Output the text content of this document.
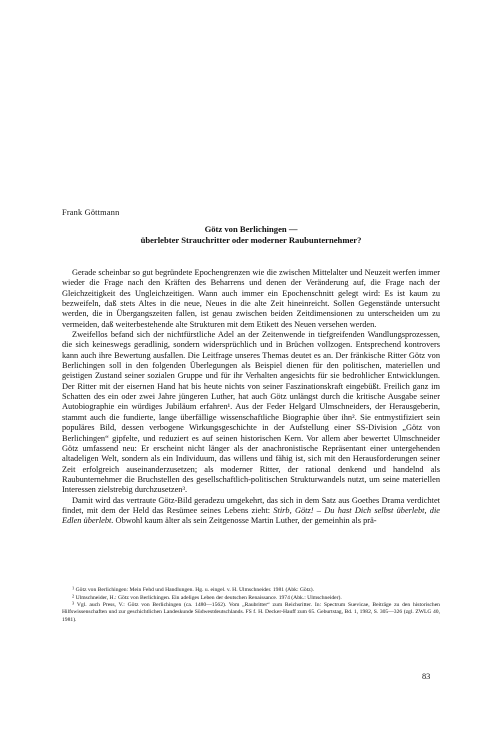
Frank Göttmann
Götz von Berlichingen —
überlebter Strauchritter oder moderner Raubunternehmer?

Gerade scheinbar so gut begründete Epochengrenzen wie die zwischen Mittelalter und Neuzeit werfen immer wieder die Frage nach den Kräften des Beharrens und denen der Veränderung auf, die Frage nach der Gleichzeitigkeit des Ungleichzeitigen. Wann auch immer ein Epochenschnitt gelegt wird: Es ist kaum zu bezweifeln, daß stets Altes in die neue, Neues in die alte Zeit hineinreicht. Sollen Gegenstände untersucht werden, die in Übergangszeiten fallen, ist genau zwischen beiden Zeitdimensionen zu unterscheiden um zu vermeiden, daß weiterbestehende alte Strukturen mit dem Etikett des Neuen versehen werden.

Zweifellos befand sich der nichtfürstliche Adel an der Zeitenwende in tiefgreifenden Wandlungsprozessen, die sich keineswegs geradlinig, sondern widersprüchlich und in Brüchen vollzogen. Entsprechend kontrovers kann auch ihre Bewertung ausfallen. Die Leitfrage unseres Themas deutet es an. Der fränkische Ritter Götz von Berlichingen soll in den folgenden Überlegungen als Beispiel dienen für den politischen, materiellen und geistigen Zustand seiner sozialen Gruppe und für ihr Verhalten angesichts für sie bedrohlicher Entwicklungen. Der Ritter mit der eisernen Hand hat bis heute nichts von seiner Faszinationskraft eingebüßt. Freilich ganz im Schatten des ein oder zwei Jahre jüngeren Luther, hat auch Götz unlängst durch die kritische Ausgabe seiner Autobiographie ein würdiges Jubiläum erfahren¹. Aus der Feder Helgard Ulmschneiders, der Herausgeberin, stammt auch die fundierte, lange überfällige wissenschaftliche Biographie über ihn². Sie entmystifiziert sein populäres Bild, dessen verbogene Wirkungsgeschichte in der Aufstellung einer SS-Division „Götz von Berlichingen“ gipfelte, und reduziert es auf seinen historischen Kern. Vor allem aber bewertet Ulmschneider Götz umfassend neu: Er erscheint nicht länger als der anachronistische Repräsentant einer untergehenden altadeligen Welt, sondern als ein Individuum, das willens und fähig ist, sich mit den Herausforderungen seiner Zeit erfolgreich auseinanderzusetzen; als moderner Ritter, der rational denkend und handelnd als Raubunternehmer die Bruchstellen des gesellschaftlich-politischen Strukturwandels nutzt, um seine materiellen Interessen zielstrebig durchzusetzen³.

Damit wird das vertraute Götz-Bild geradezu umgekehrt, das sich in dem Satz aus Goethes Drama verdichtet findet, mit dem der Held das Resümee seines Lebens zieht: Stirb, Götz! – Du hast Dich selbst überlebt, die Edlen überlebt. Obwohl kaum älter als sein Zeitgenosse Martin Luther, der gemeinhin als prä-

$^1$ Götz von Berlichingen: Mein Fehd und Handlungen. Hg. u. eingel. v. H. Ulmschneider. 1981 (Abk: Götz).

$^2$ Ulmschneider, H.: Götz von Berlichingen. Ein adeliges Leben der deutschen Renaissance. 1974 (Abk.: Ulmschneider).

$^3$ Vgl. auch Press, V.: Götz von Berlichingen (ca. 1480—1562). Vom „Raubritter“ zum Reichsritter. In: Spectrum Suevicae, Beiträge zu den historischen Hilfswissenschaften und zur geschichtlichen Landeskunde Südwestdeutschlands. FS f. H. Decker-Hauff zum 65. Geburtstag, Bd. 1, 1982, S. 305—326 (zgl. ZWLG 40, 1981).

83
